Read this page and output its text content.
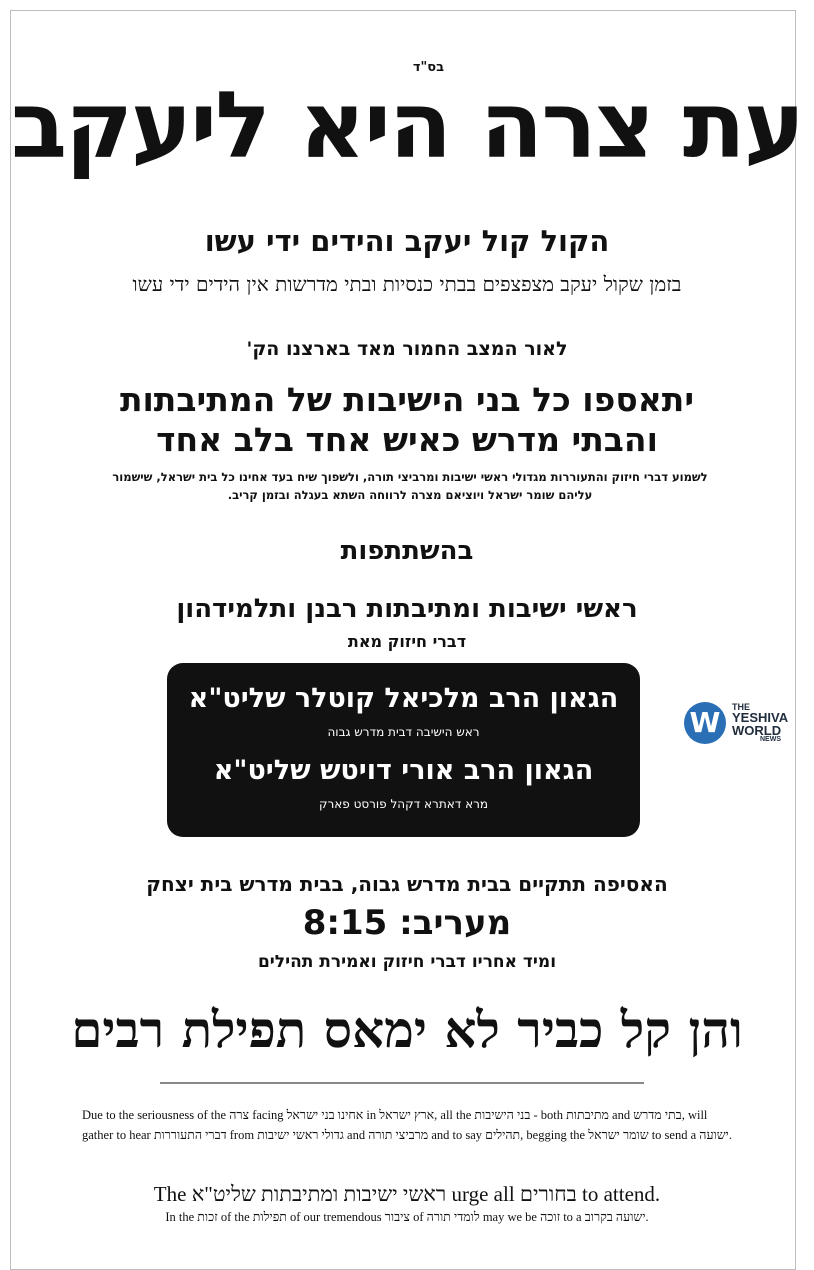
בס"ד
עת צרה היא ליעקב
הקול קול יעקב והידים ידי עשו
בזמן שקול יעקב מצפצפים בבתי כנסיות ובתי מדרשות אין הידים ידי עשו
לאור המצב החמור מאד בארצנו הק'
יתאספו כל בני הישיבות של המתיבתות
והבתי מדרש כאיש אחד בלב אחד
לשמוע דברי חיזוק והתעוררות מגדולי ראשי ישיבות ומרביצי תורה, ולשפוך שיח בעד אחינו כל בית ישראל, שישמור עליהם שומר ישראל ויוציאם מצרה לרווחה השתא בעגלה ובזמן קריב.
בהשתתפות
ראשי ישיבות ומתיבתות רבנן ותלמידהון
דברי חיזוק מאת
הגאון הרב מלכיאל קוטלר שליט"א
ראש הישיבה דבית מדרש גבוה
הגאון הרב אורי דויטש שליט"א
מרא דאתרא דקהל פורסט פארק
W	THE
YESHIVA
WORLD
NEWS
האסיפה תתקיים בבית מדרש גבוה, בבית מדרש בית יצחק
מעריב: 8:15
ומיד אחריו דברי חיזוק ואמירת תהילים
והן קל כביר לא ימאס תפילת רבים
Due to the seriousness of the צרה facing אחינו בני ישראל in ארץ ישראל, all the בני הישיבות - both מתיבתות and בתי מדרש, will gather to hear דברי התעוררות from גדולי ראשי ישיבות and מרביצי תורה and to say תהילים, begging the שומר ישראל to send a ישועה.
The ראשי ישיבות ומתיבתות שליט"א urge all בחורים to attend.
In the זכות of the תפילות of our tremendous ציבור of לומדי תורה may we be זוכה to a ישועה בקרוב.
